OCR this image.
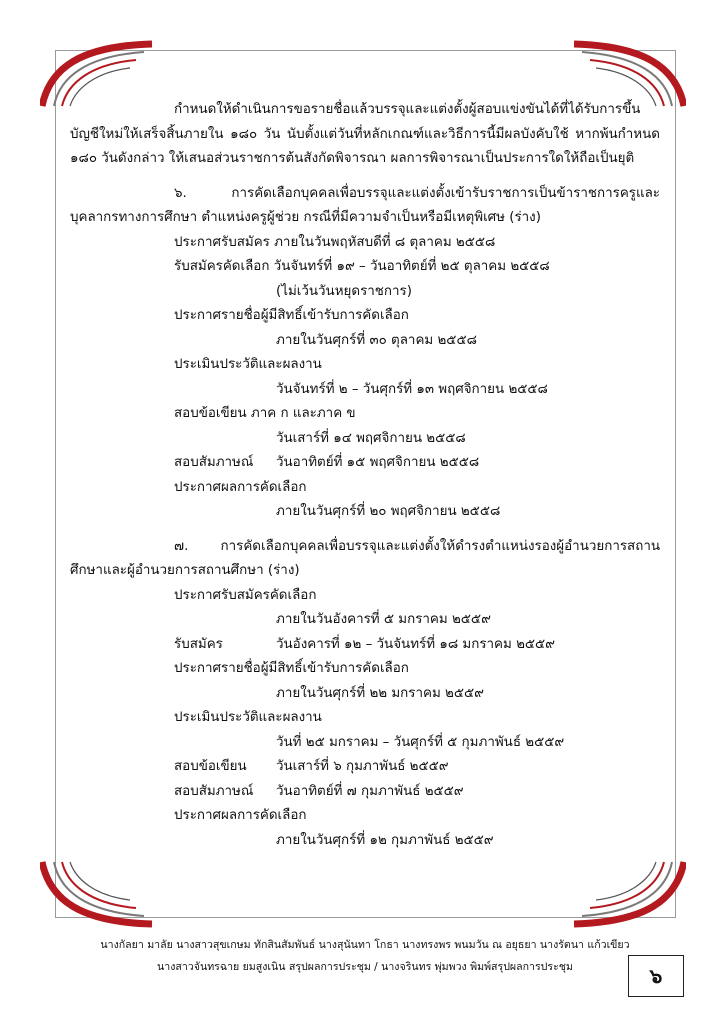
กำหนดให้ดำเนินการขอรายชื่อแล้วบรรจุและแต่งตั้งผู้สอบแข่งขันได้ที่ได้รับการขึ้นบัญชีใหม่ให้เสร็จสิ้นภายใน ๑๘๐ วัน นับตั้งแต่วันที่หลักเกณฑ์และวิธีการนี้มีผลบังคับใช้ หากพ้นกำหนด ๑๘๐ วันดังกล่าว ให้เสนอส่วนราชการต้นสังกัดพิจารณา ผลการพิจารณาเป็นประการใดให้ถือเป็นยุติ

๖. การคัดเลือกบุคคลเพื่อบรรจุและแต่งตั้งเข้ารับราชการเป็นข้าราชการครูและบุคลากรทางการศึกษา ตำแหน่งครูผู้ช่วย กรณีที่มีความจำเป็นหรือมีเหตุพิเศษ (ร่าง)

ประกาศรับสมัคร ภายในวันพฤหัสบดีที่ ๘ ตุลาคม ๒๕๕๘

รับสมัครคัดเลือก วันจันทร์ที่ ๑๙ – วันอาทิตย์ที่ ๒๕ ตุลาคม ๒๕๕๘

(ไม่เว้นวันหยุดราชการ)

ประกาศรายชื่อผู้มีสิทธิ์เข้ารับการคัดเลือก

ภายในวันศุกร์ที่ ๓๐ ตุลาคม ๒๕๕๘

ประเมินประวัติและผลงาน

วันจันทร์ที่ ๒ – วันศุกร์ที่ ๑๓ พฤศจิกายน ๒๕๕๘

สอบข้อเขียน ภาค ก และภาค ข

วันเสาร์ที่ ๑๔ พฤศจิกายน ๒๕๕๘

สอบสัมภาษณ์	วันอาทิตย์ที่ ๑๕ พฤศจิกายน ๒๕๕๘

ประกาศผลการคัดเลือก

ภายในวันศุกร์ที่ ๒๐ พฤศจิกายน ๒๕๕๘

๗. การคัดเลือกบุคคลเพื่อบรรจุและแต่งตั้งให้ดำรงตำแหน่งรองผู้อำนวยการสถานศึกษาและผู้อำนวยการสถานศึกษา (ร่าง)

ประกาศรับสมัครคัดเลือก

ภายในวันอังคารที่ ๕ มกราคม ๒๕๕๙

รับสมัคร	วันอังคารที่ ๑๒ – วันจันทร์ที่ ๑๘ มกราคม ๒๕๕๙

ประกาศรายชื่อผู้มีสิทธิ์เข้ารับการคัดเลือก

ภายในวันศุกร์ที่ ๒๒ มกราคม ๒๕๕๙

ประเมินประวัติและผลงาน

วันที่ ๒๕ มกราคม – วันศุกร์ที่ ๕ กุมภาพันธ์ ๒๕๕๙

สอบข้อเขียน	วันเสาร์ที่ ๖ กุมภาพันธ์ ๒๕๕๙
สอบสัมภาษณ์	วันอาทิตย์ที่ ๗ กุมภาพันธ์ ๒๕๕๙

ประกาศผลการคัดเลือก

ภายในวันศุกร์ที่ ๑๒ กุมภาพันธ์ ๒๕๕๙

นางกัลยา มาลัย นางสาวสุขเกษม ทักสินสัมพันธ์ นางสุนันทา โกธา นางทรงพร พนมวัน ณ อยุธยา นางรัตนา แก้วเขียว
นางสาวจันทรฉาย ยมสูงเนิน สรุปผลการประชุม / นางจรินทร พุ่มพวง พิมพ์สรุปผลการประชุม	๖
